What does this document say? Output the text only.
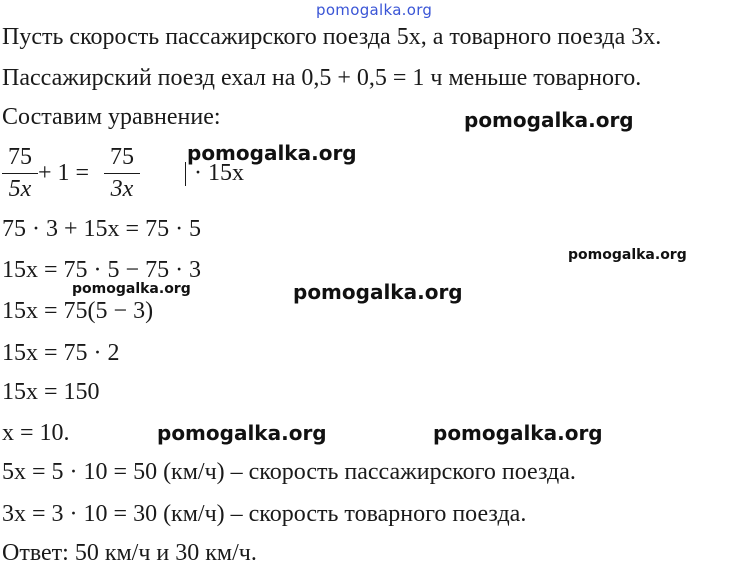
pomogalka.org
Пусть скорость пассажирского поезда 5x, а товарного поезда 3x.
Пассажирский поезд ехал на 0,5 + 0,5 = 1 ч меньше товарного.
Составим уравнение:
75
5x
+ 1 =
75
3x
· 15x
75 · 3 + 15x = 75 · 5
15x = 75 · 5 − 75 · 3
15x = 75(5 − 3)
15x = 75 · 2
15x = 150
x = 10.
5x = 5 · 10 = 50 (км/ч) – скорость пассажирского поезда.
3x = 3 · 10 = 30 (км/ч) – скорость товарного поезда.
Ответ: 50 км/ч и 30 км/ч.
pomogalka.org
pomogalka.org
pomogalka.org
pomogalka.org	pomogalka.org
pomogalka.org	pomogalka.org
